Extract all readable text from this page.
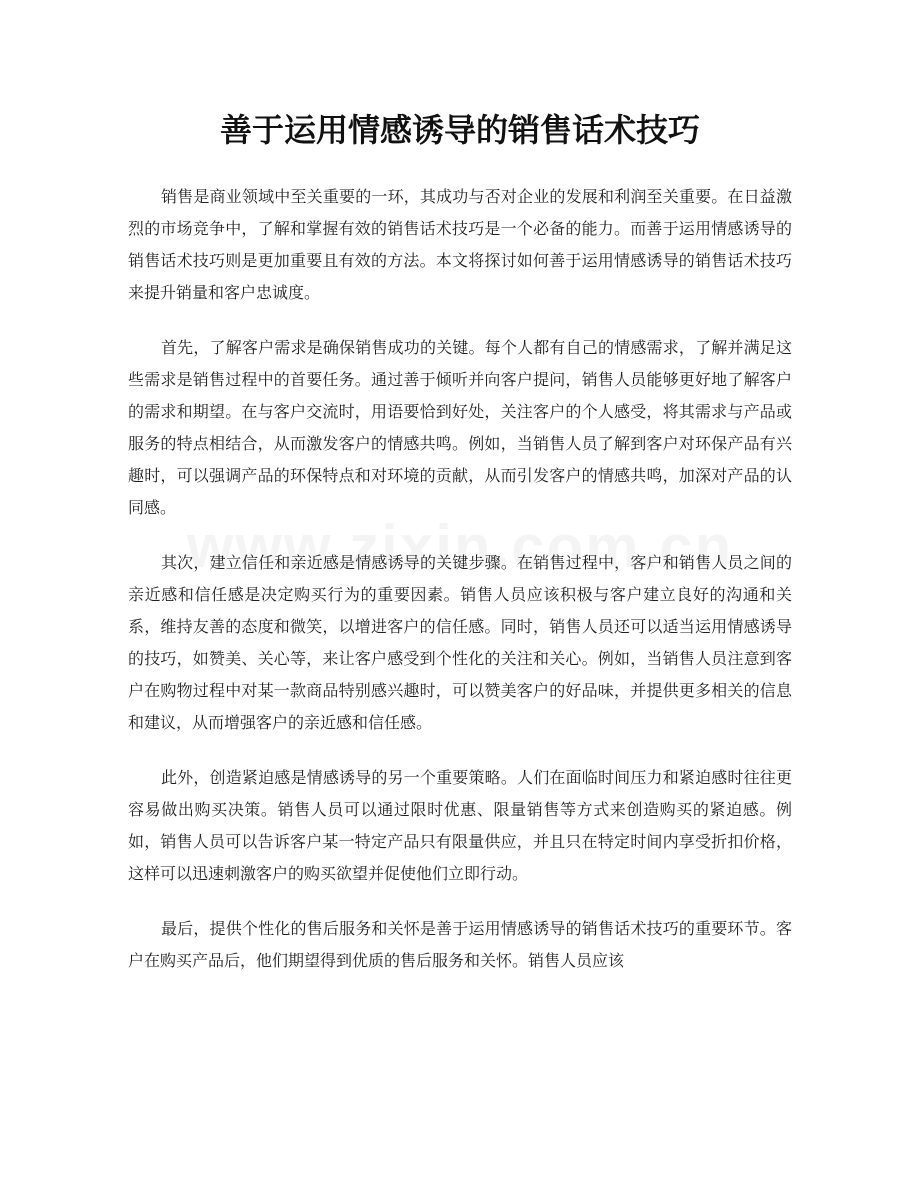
善于运用情感诱导的销售话术技巧

销售是商业领域中至关重要的一环，其成功与否对企业的发展和利润至关重要。在日益激烈的市场竞争中，了解和掌握有效的销售话术技巧是一个必备的能力。而善于运用情感诱导的销售话术技巧则是更加重要且有效的方法。本文将探讨如何善于运用情感诱导的销售话术技巧来提升销量和客户忠诚度。

首先，了解客户需求是确保销售成功的关键。每个人都有自己的情感需求，了解并满足这些需求是销售过程中的首要任务。通过善于倾听并向客户提问，销售人员能够更好地了解客户的需求和期望。在与客户交流时，用语要恰到好处，关注客户的个人感受，将其需求与产品或服务的特点相结合，从而激发客户的情感共鸣。例如，当销售人员了解到客户对环保产品有兴趣时，可以强调产品的环保特点和对环境的贡献，从而引发客户的情感共鸣，加深对产品的认同感。

其次，建立信任和亲近感是情感诱导的关键步骤。在销售过程中，客户和销售人员之间的亲近感和信任感是决定购买行为的重要因素。销售人员应该积极与客户建立良好的沟通和关系，维持友善的态度和微笑，以增进客户的信任感。同时，销售人员还可以适当运用情感诱导的技巧，如赞美、关心等，来让客户感受到个性化的关注和关心。例如，当销售人员注意到客户在购物过程中对某一款商品特别感兴趣时，可以赞美客户的好品味，并提供更多相关的信息和建议，从而增强客户的亲近感和信任感。

此外，创造紧迫感是情感诱导的另一个重要策略。人们在面临时间压力和紧迫感时往往更容易做出购买决策。销售人员可以通过限时优惠、限量销售等方式来创造购买的紧迫感。例如，销售人员可以告诉客户某一特定产品只有限量供应，并且只在特定时间内享受折扣价格，这样可以迅速刺激客户的购买欲望并促使他们立即行动。

最后，提供个性化的售后服务和关怀是善于运用情感诱导的销售话术技巧的重要环节。客户在购买产品后，他们期望得到优质的售后服务和关怀。销售人员应该
